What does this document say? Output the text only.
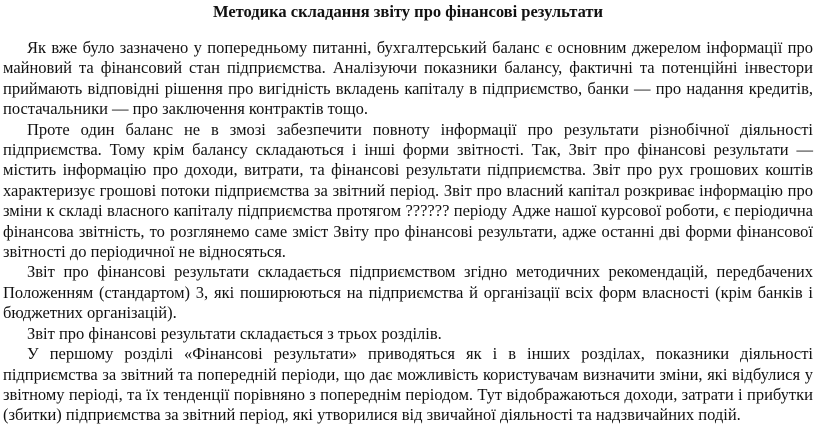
Методика складання звіту про фінансові результати

Як вже було зазначено у попередньому питанні, бухгалтерський баланс є основним джерелом інформації про майновий та фінансовий стан підприємства. Аналізуючи показники балансу, фактичні та потенційні інвестори приймають відповідні рішення про вигідність вкладень капіталу в підприємство, банки — про надання кредитів, постачальники — про заключення контрактів тощо.

Проте один баланс не в змозі забезпечити повноту інформації про результати різнобічної діяльності підприємства. Тому крім балансу складаються і інші форми звітності. Так, Звіт про фінансові результати — містить інформацію про доходи, витрати, та фінансові результати підприємства. Звіт про рух грошових коштів характеризує грошові потоки підприємства за звітний період. Звіт про власний капітал розкриває інформацію про зміни к складі власного капіталу підприємства протягом ?????? періоду Адже нашої курсової роботи, є періодична фінансова звітність, то розглянемо саме зміст Звіту про фінансові результати, адже останні дві форми фінансової звітності до періодичної не відносяться.

Звіт про фінансові результати складається підприємством згідно методичних рекомендацій, передбачених Положенням (стандартом) 3, які поширюються на підприємства й організації всіх форм власності (крім банків і бюджетних організацій).

Звіт про фінансові результати складається з трьох розділів.

У першому розділі «Фінансові результати» приводяться як і в інших розділах, показники діяльності підприємства за звітний та попередній періоди, що дає можливість користувачам визначити зміни, які відбулися у звітному періоді, та їх тенденції порівняно з попереднім періодом. Тут відображаються доходи, затрати і прибутки (збитки) підприємства за звітний період, які утворилися від звичайної діяльності та надзвичайних подій.
